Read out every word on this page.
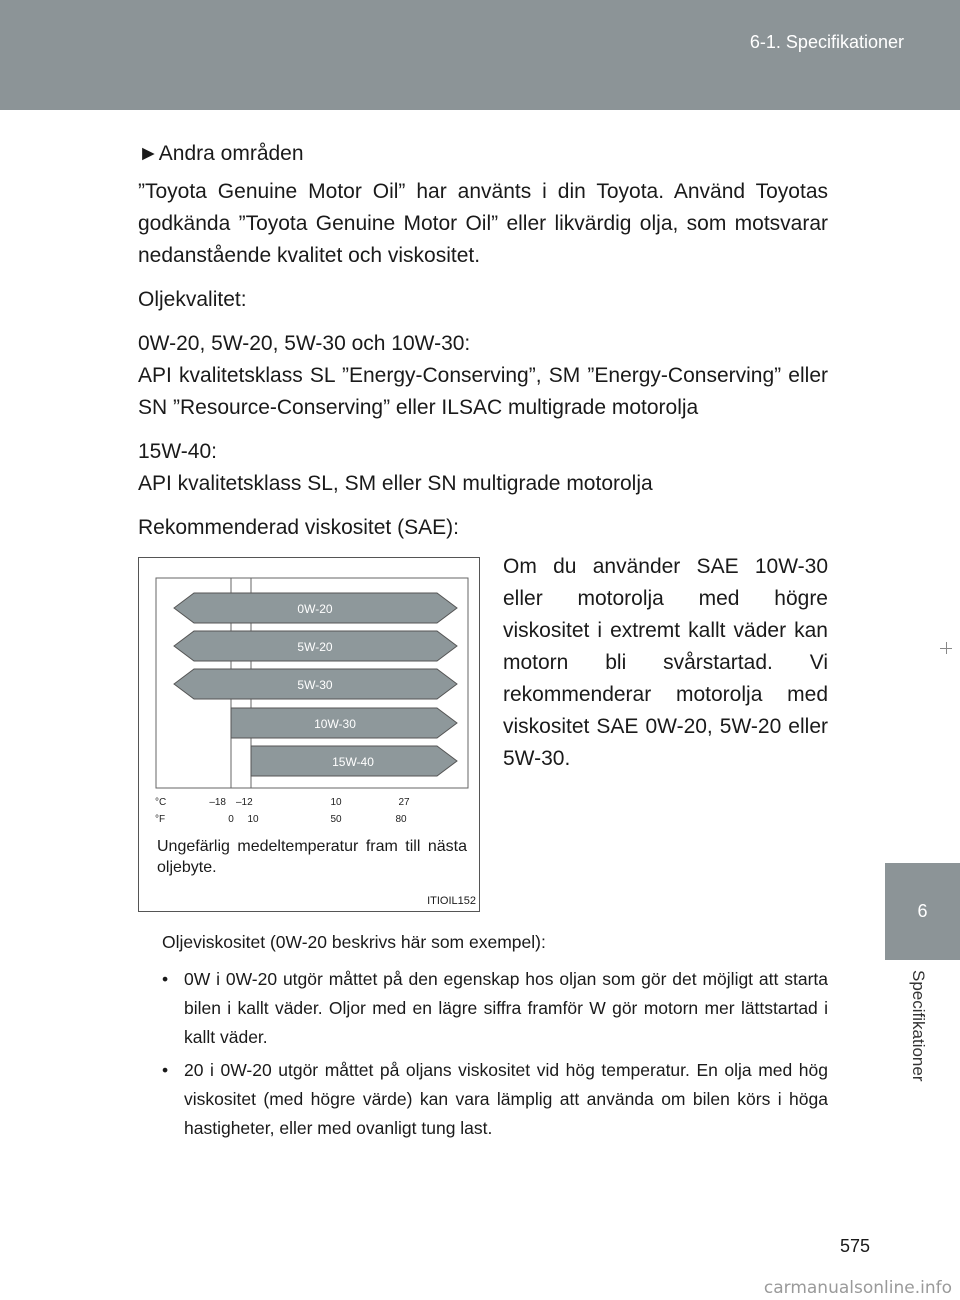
6-1. Specifikationer
6
Specifikationer
►Andra områden

”Toyota Genuine Motor Oil” har använts i din Toyota. Använd Toyotas godkända ”Toyota Genuine Motor Oil” eller likvärdig olja, som motsvarar nedanstående kvalitet och viskositet.

Oljekvalitet:

0W-20, 5W-20, 5W-30 och 10W-30:

API kvalitetsklass SL ”Energy-Conserving”, SM ”Energy-Conserving” eller SN ”Resource-Conserving” eller ILSAC multigrade motorolja

15W-40:

API kvalitetsklass SL, SM eller SN multigrade motorolja

Rekommenderad viskositet (SAE):

0W-20
5W-20
5W-30
10W-30
15W-40
°C
°F
–18 –12	10	27
0 10	50	80
Ungefärlig medeltemperatur fram till nästa oljebyte.
ITIOIL152
Om du använder SAE 10W-30 eller motorolja med högre viskositet i extremt kallt väder kan motorn bli svårstartad. Vi rekommenderar motorolja med viskositet SAE 0W-20, 5W-20 eller 5W-30.
Oljeviskositet (0W-20 beskrivs här som exempel):
• 0W i 0W-20 utgör måttet på den egenskap hos oljan som gör det möjligt att starta bilen i kallt väder. Oljor med en lägre siffra framför W gör motorn mer lättstartad i kallt väder.
• 20 i 0W-20 utgör måttet på oljans viskositet vid hög temperatur. En olja med hög viskositet (med högre värde) kan vara lämplig att använda om bilen körs i höga hastigheter, eller med ovanligt tung last.
575
carmanualsonline.info
